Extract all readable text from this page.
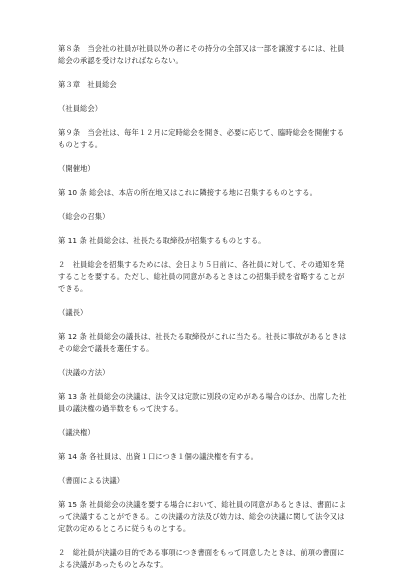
第８条　当会社の社員が社員以外の者にその持分の全部又は一部を譲渡するには、社員
総会の承認を受けなければならない。
第３章　社員総会
（社員総会）
第９条　当会社は、毎年１２月に定時総会を開き、必要に応じて、臨時総会を開催する
ものとする。
（開催地）
第 10 条 総会は、本店の所在地又はこれに隣接する地に召集するものとする。
（総会の召集）
第 11 条 社員総会は、社長たる取締役が招集するものとする。
２　社員総会を招集するためには、会日より５日前に、各社員に対して、その通知を発
することを要する。ただし、総社員の同意があるときはこの招集手続を省略することが
できる。
（議長）
第 12 条 社員総会の議長は、社長たる取締役がこれに当たる。社長に事故があるときは
その総会で議長を選任する。
（決議の方法）
第 13 条 社員総会の決議は、法令又は定款に別段の定めがある場合のほか、出席した社
員の議決権の過半数をもって決する。
（議決権）
第 14 条 各社員は、出資１口につき１個の議決権を有する。
（書面による決議）
第 15 条 社員総会の決議を要する場合において、総社員の同意があるときは、書面によ
って決議することができる。この決議の方法及び効力は、総会の決議に関して法令又は
定款の定めるところに従うものとする。
２　総社員が決議の目的である事項につき書面をもって同意したときは、前項の書面に
よる決議があったものとみなす。
